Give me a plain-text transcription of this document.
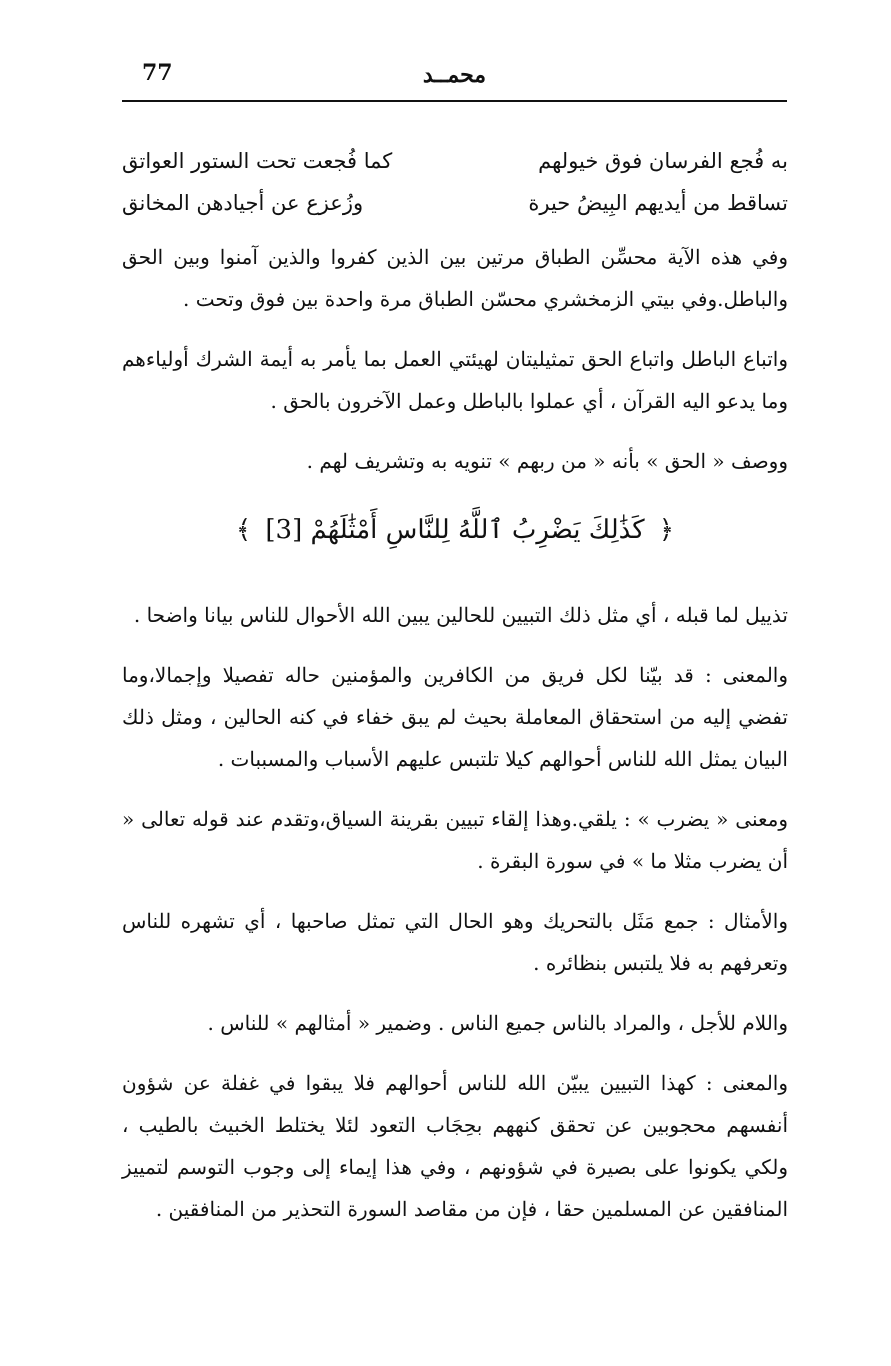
77	محمــد
به فُجع الفرسان فوق خيولهم
كما فُجعت تحت الستور العواتق
تساقط من أيديهم البِيضُ حيرة
وزُعزع عن أجيادهن المخانق

وفي هذه الآية محسِّن الطباق مرتين بين الذين كفروا والذين آمنوا وبين الحق والباطل.وفي بيتي الزمخشري محسّن الطباق مرة واحدة بين فوق وتحت .

واتباع الباطل واتباع الحق تمثيليتان لهيئتي العمل بما يأمر به أيمة الشرك أولياءهم وما يدعو اليه القرآن ، أي عملوا بالباطل وعمل الآخرون بالحق .

ووصف « الحق » بأنه « من ربهم » تنويه به وتشريف لهم .

﴿ كَذَٰلِكَ يَضْرِبُ ٱللَّهُ لِلنَّاسِ أَمْثَٰلَهُمْ [3] ﴾

تذييل لما قبله ، أي مثل ذلك التبيين للحالين يبين الله الأحوال للناس بيانا واضحا .

والمعنى : قد بيّنا لكل فريق من الكافرين والمؤمنين حاله تفصيلا وإجمالا،وما تفضي إليه من استحقاق المعاملة بحيث لم يبق خفاء في كنه الحالين ، ومثل ذلك البيان يمثل الله للناس أحوالهم كيلا تلتبس عليهم الأسباب والمسببات .

ومعنى « يضرب » : يلقي.وهذا إلقاء تبيين بقرينة السياق،وتقدم عند قوله تعالى « أن يضرب مثلا ما » في سورة البقرة .

والأمثال : جمع مَثَل بالتحريك وهو الحال التي تمثل صاحبها ، أي تشهره للناس وتعرفهم به فلا يلتبس بنظائره .

واللام للأجل ، والمراد بالناس جميع الناس . وضمير « أمثالهم » للناس .

والمعنى : كهذا التبيين يبيّن الله للناس أحوالهم فلا يبقوا في غفلة عن شؤون أنفسهم محجوبين عن تحقق كنههم بحِجَاب التعود لئلا يختلط الخبيث بالطيب ، ولكي يكونوا على بصيرة في شؤونهم ، وفي هذا إيماء إلى وجوب التوسم لتمييز المنافقين عن المسلمين حقا ، فإن من مقاصد السورة التحذير من المنافقين .
